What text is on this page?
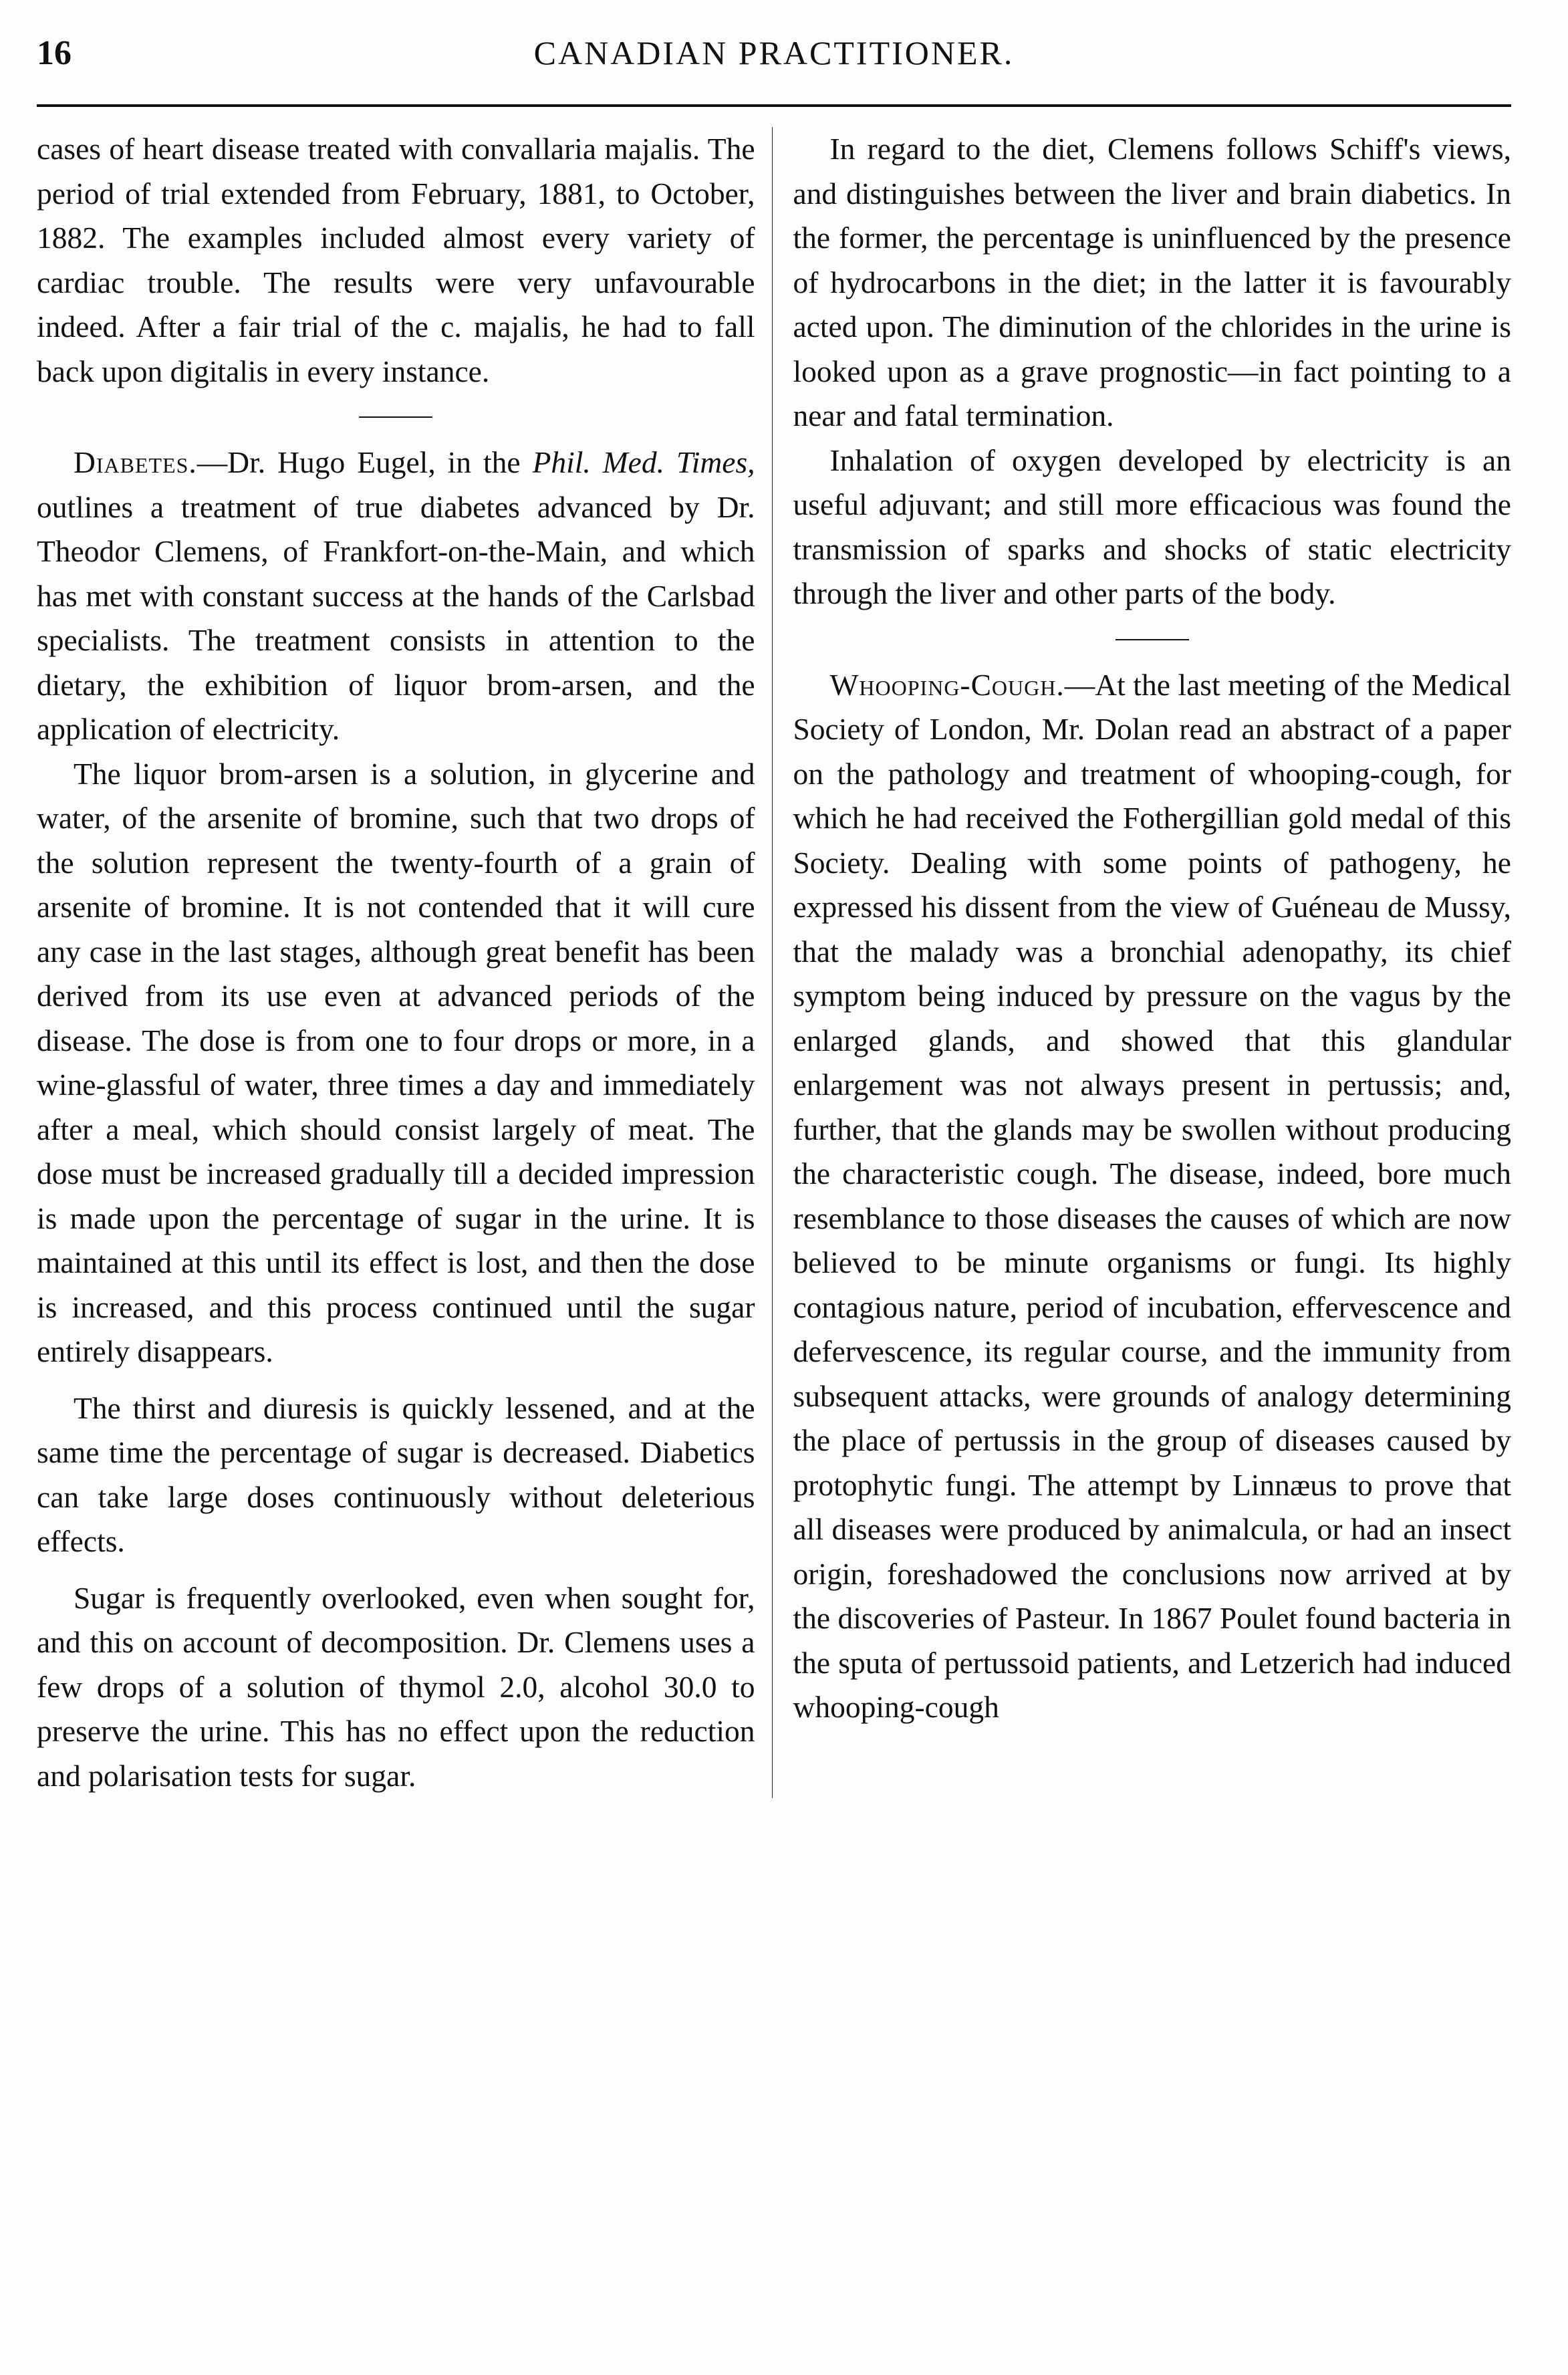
16	CANADIAN PRACTITIONER.

cases of heart disease treated with convallaria majalis. The period of trial extended from February, 1881, to October, 1882. The examples included almost every variety of cardiac trouble. The results were very unfavourable indeed. After a fair trial of the c. majalis, he had to fall back upon digitalis in every instance.

Diabetes.—Dr. Hugo Eugel, in the Phil. Med. Times, outlines a treatment of true diabetes advanced by Dr. Theodor Clemens, of Frankfort-on-the-Main, and which has met with constant success at the hands of the Carlsbad specialists. The treatment consists in attention to the dietary, the exhibition of liquor brom-arsen, and the application of electricity.

The liquor brom-arsen is a solution, in glycerine and water, of the arsenite of bromine, such that two drops of the solution represent the twenty-fourth of a grain of arsenite of bromine. It is not contended that it will cure any case in the last stages, although great benefit has been derived from its use even at advanced periods of the disease. The dose is from one to four drops or more, in a wine-glassful of water, three times a day and immediately after a meal, which should consist largely of meat. The dose must be increased gradually till a decided impression is made upon the percentage of sugar in the urine. It is maintained at this until its effect is lost, and then the dose is increased, and this process continued until the sugar entirely disappears.

The thirst and diuresis is quickly lessened, and at the same time the percentage of sugar is decreased. Diabetics can take large doses continuously without deleterious effects.

Sugar is frequently overlooked, even when sought for, and this on account of decomposition. Dr. Clemens uses a few drops of a solution of thymol 2.0, alcohol 30.0 to preserve the urine. This has no effect upon the reduction and polarisation tests for sugar.

In regard to the diet, Clemens follows Schiff's views, and distinguishes between the liver and brain diabetics. In the former, the percentage is uninfluenced by the presence of hydrocarbons in the diet; in the latter it is favourably acted upon. The diminution of the chlorides in the urine is looked upon as a grave prognostic—in fact pointing to a near and fatal termination.

Inhalation of oxygen developed by electricity is an useful adjuvant; and still more efficacious was found the transmission of sparks and shocks of static electricity through the liver and other parts of the body.

Whooping-Cough.—At the last meeting of the Medical Society of London, Mr. Dolan read an abstract of a paper on the pathology and treatment of whooping-cough, for which he had received the Fothergillian gold medal of this Society. Dealing with some points of pathogeny, he expressed his dissent from the view of Guéneau de Mussy, that the malady was a bronchial adenopathy, its chief symptom being induced by pressure on the vagus by the enlarged glands, and showed that this glandular enlargement was not always present in pertussis; and, further, that the glands may be swollen without producing the characteristic cough. The disease, indeed, bore much resemblance to those diseases the causes of which are now believed to be minute organisms or fungi. Its highly contagious nature, period of incubation, effervescence and defervescence, its regular course, and the immunity from subsequent attacks, were grounds of analogy determining the place of pertussis in the group of diseases caused by protophytic fungi. The attempt by Linnæus to prove that all diseases were produced by animalcula, or had an insect origin, foreshadowed the conclusions now arrived at by the discoveries of Pasteur. In 1867 Poulet found bacteria in the sputa of pertussoid patients, and Letzerich had induced whooping-cough
